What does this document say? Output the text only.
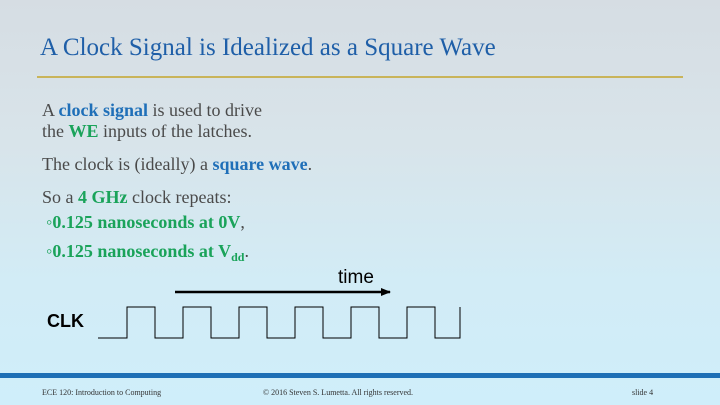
A Clock Signal is Idealized as a Square Wave
A clock signal is used to drive
the WE inputs of the latches.
The clock is (ideally) a square wave.
So a 4 GHz clock repeats:
◦0.125 nanoseconds at 0V,
◦0.125 nanoseconds at $V_{dd}$.
time
CLK
ECE 120: Introduction to Computing	© 2016 Steven S. Lumetta. All rights reserved.	slide 4
